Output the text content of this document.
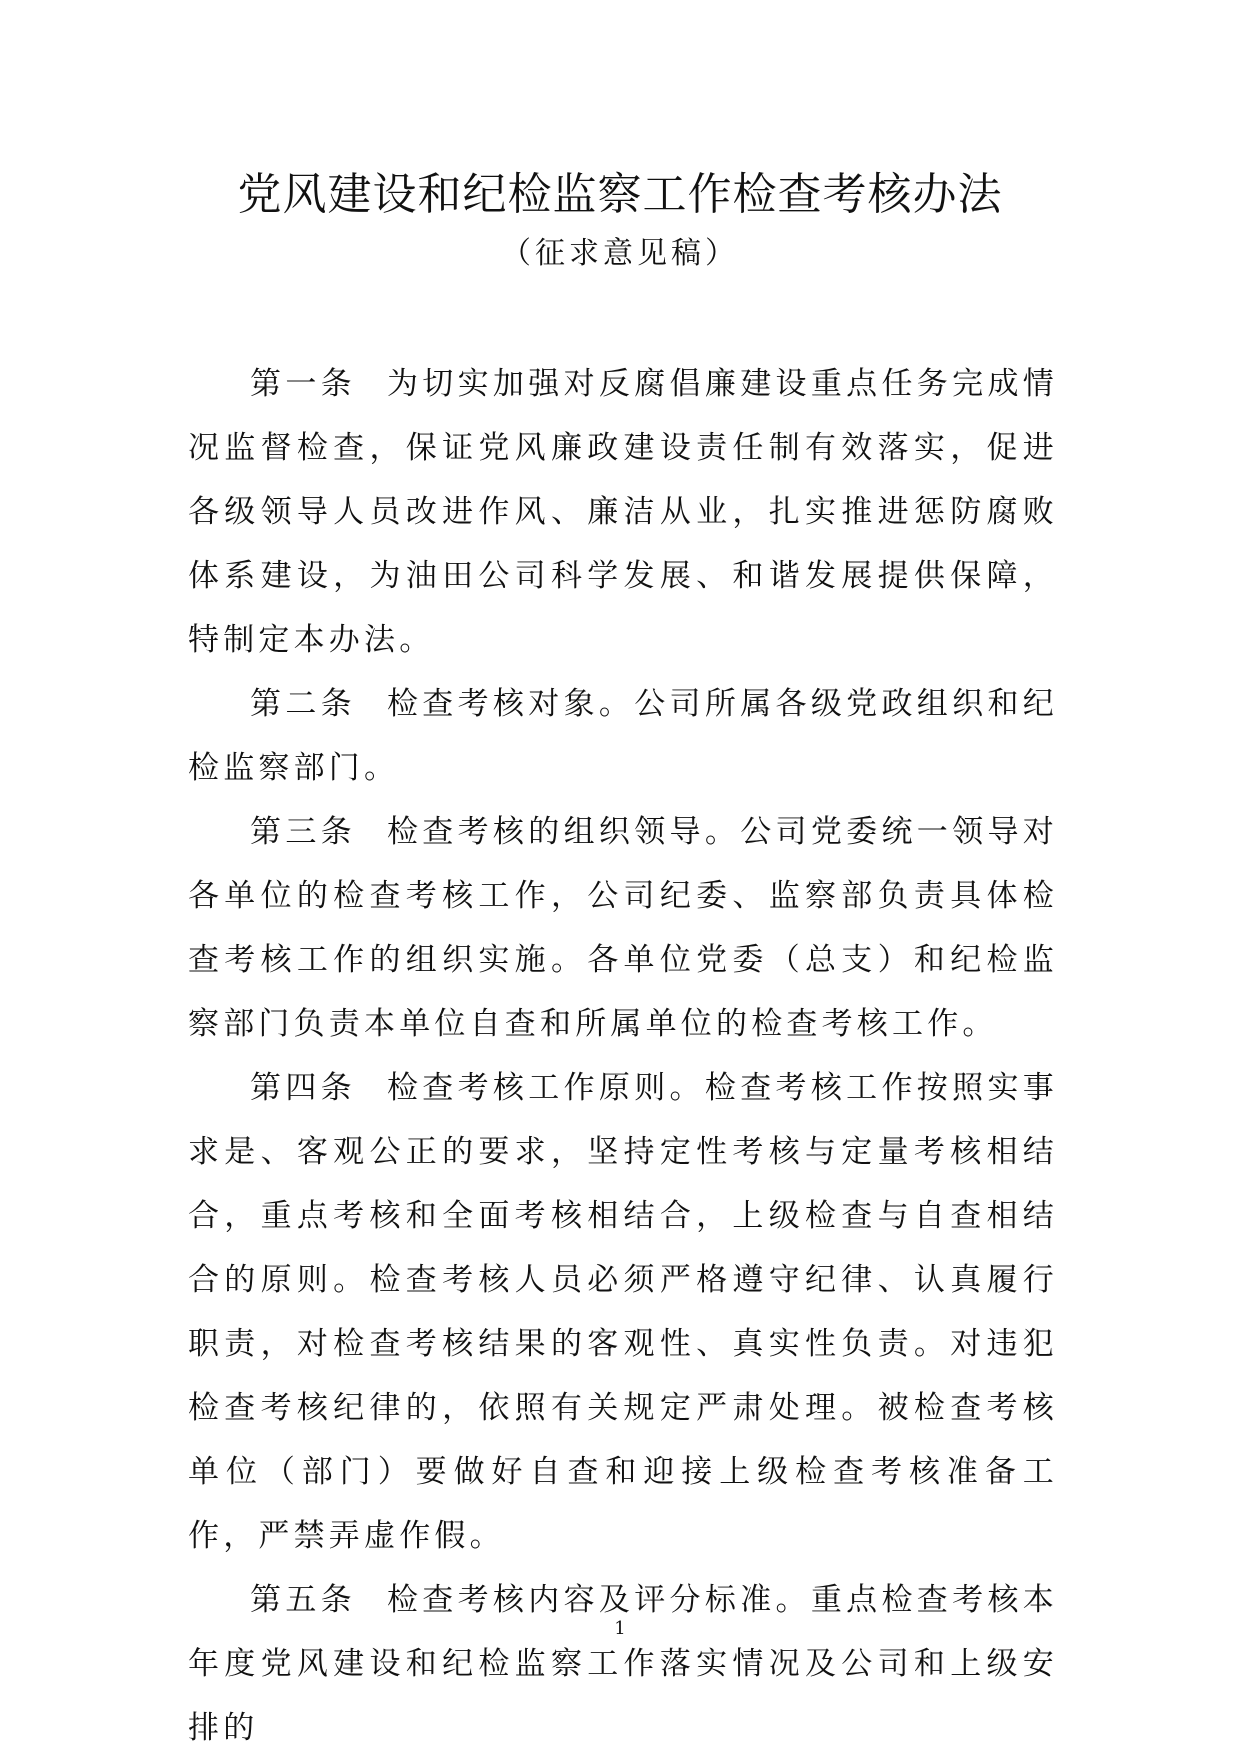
党风建设和纪检监察工作检查考核办法
（征求意见稿）

第一条 为切实加强对反腐倡廉建设重点任务完成情况监督检查，保证党风廉政建设责任制有效落实，促进各级领导人员改进作风、廉洁从业，扎实推进惩防腐败体系建设，为油田公司科学发展、和谐发展提供保障，特制定本办法。

第二条 检查考核对象。公司所属各级党政组织和纪检监察部门。

第三条 检查考核的组织领导。公司党委统一领导对各单位的检查考核工作，公司纪委、监察部负责具体检查考核工作的组织实施。各单位党委（总支）和纪检监察部门负责本单位自查和所属单位的检查考核工作。

第四条 检查考核工作原则。检查考核工作按照实事求是、客观公正的要求，坚持定性考核与定量考核相结合，重点考核和全面考核相结合，上级检查与自查相结合的原则。检查考核人员必须严格遵守纪律、认真履行职责，对检查考核结果的客观性、真实性负责。对违犯检查考核纪律的，依照有关规定严肃处理。被检查考核单位（部门）要做好自查和迎接上级检查考核准备工作，严禁弄虚作假。

第五条 检查考核内容及评分标准。重点检查考核本年度党风建设和纪检监察工作落实情况及公司和上级安排的

1
